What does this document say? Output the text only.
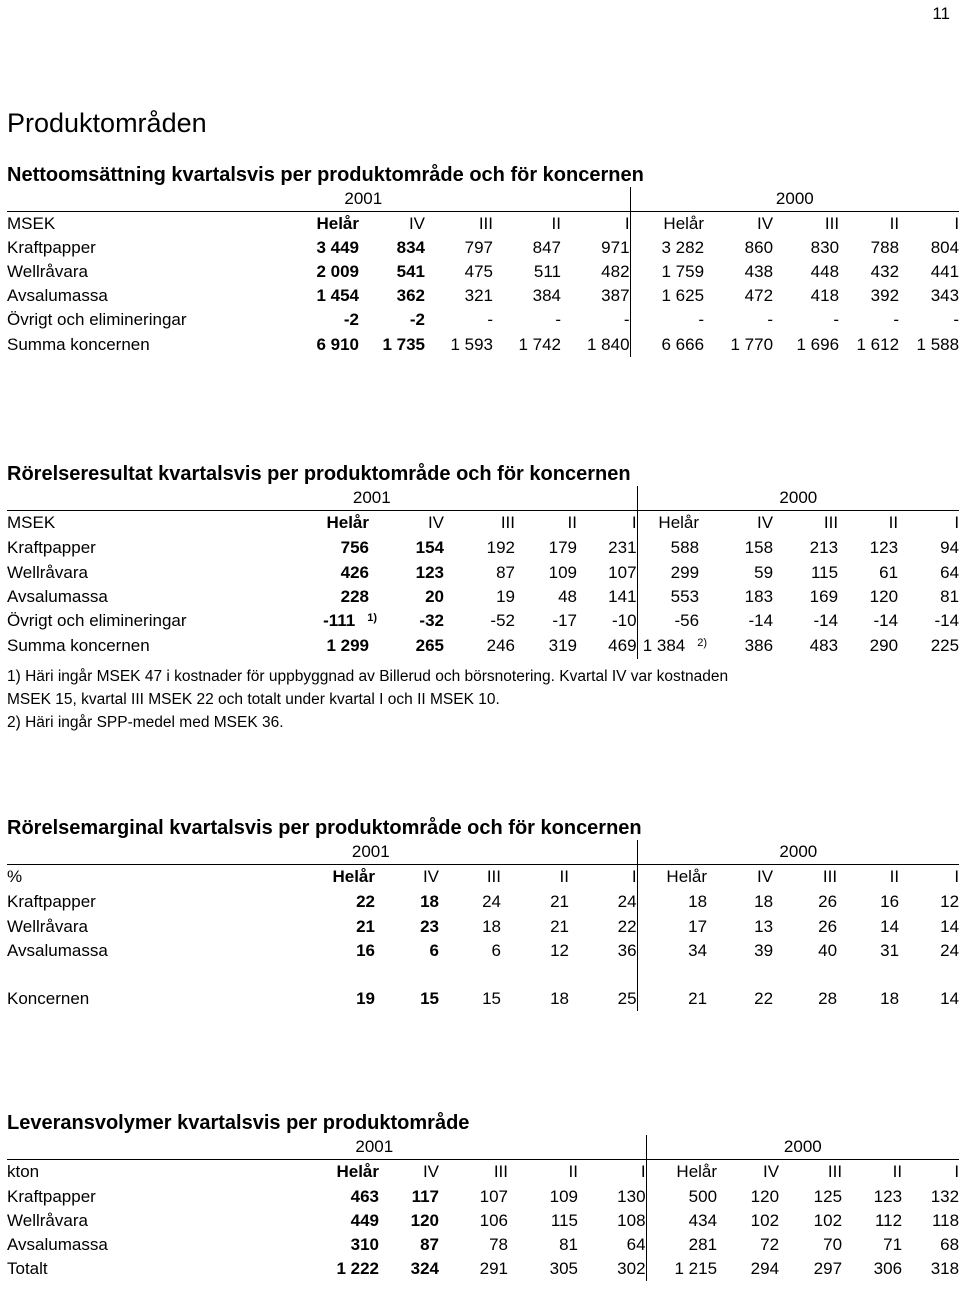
11
Produktområden
Nettoomsättning kvartalsvis per produktområde och för koncernen
	2001					2000				
MSEK	Helår	IV	III	II	I	Helår	IV	III	II	I
Kraftpapper	3 449	834	797	847	971	3 282	860	830	788	804
Wellråvara	2 009	541	475	511	482	1 759	438	448	432	441
Avsalumassa	1 454	362	321	384	387	1 625	472	418	392	343
Övrigt och elimineringar	-2	-2	-	-	-	-	-	-	-	-
Summa koncernen	6 910	1 735	1 593	1 742	1 840	6 666	1 770	1 696	1 612	1 588
Rörelseresultat kvartalsvis per produktområde och för koncernen
	2001					2000				
MSEK	Helår	IV	III	II	I	Helår	IV	III	II	I
Kraftpapper	756	154	192	179	231	588	158	213	123	94
Wellråvara	426	123	87	109	107	299	59	115	61	64
Avsalumassa	228	20	19	48	141	553	183	169	120	81
Övrigt och elimineringar	-111 $^{1)}$	-32	-52	-17	-10	-56	-14	-14	-14	-14
Summa koncernen	1 299	265	246	319	469	1 384 $^{2)}$	386	483	290	225
1) Häri ingår MSEK 47 i kostnader för uppbyggnad av Billerud och börsnotering. Kvartal IV var kostnaden
MSEK 15, kvartal III MSEK 22 och totalt under kvartal I och II MSEK 10.
2) Häri ingår SPP-medel med MSEK 36.
Rörelsemarginal kvartalsvis per produktområde och för koncernen
	2001					2000				
%	Helår	IV	III	II	I	Helår	IV	III	II	I
Kraftpapper	22	18	24	21	24	18	18	26	16	12
Wellråvara	21	23	18	21	22	17	13	26	14	14
Avsalumassa	16	6	6	12	36	34	39	40	31	24
Koncernen	19	15	15	18	25	21	22	28	18	14
Leveransvolymer kvartalsvis per produktområde
	2001					2000				
kton	Helår	IV	III	II	I	Helår	IV	III	II	I
Kraftpapper	463	117	107	109	130	500	120	125	123	132
Wellråvara	449	120	106	115	108	434	102	102	112	118
Avsalumassa	310	87	78	81	64	281	72	70	71	68
Totalt	1 222	324	291	305	302	1 215	294	297	306	318
